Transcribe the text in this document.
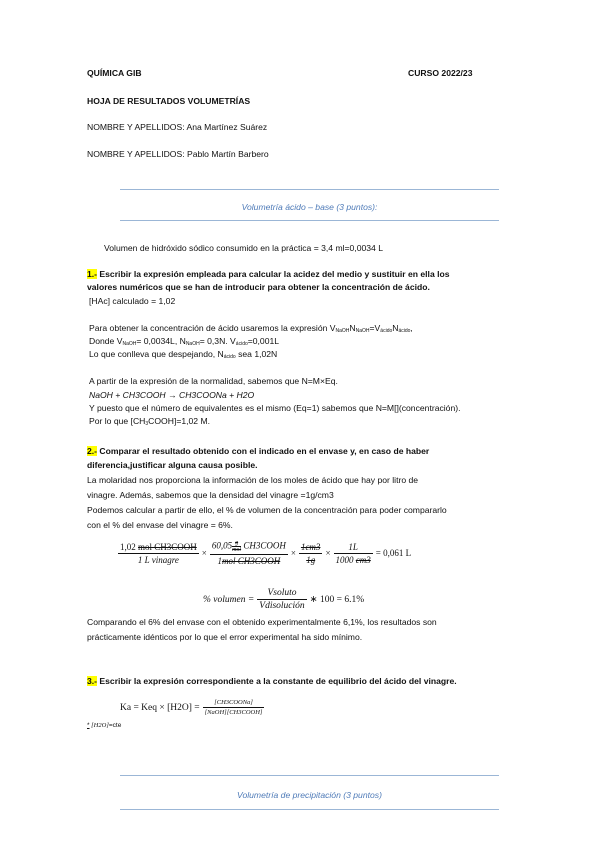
QUÍMICA GIB	CURSO 2022/23
HOJA DE RESULTADOS VOLUMETRÍAS
NOMBRE Y APELLIDOS: Ana Martínez Suárez
NOMBRE Y APELLIDOS: Pablo Martín Barbero
Volumetría ácido – base (3 puntos):
Volumen de hidróxido sódico consumido en la práctica = 3,4 ml=0,0034 L
1.- Escribir la expresión empleada para calcular la acidez del medio y sustituir en ella los
valores numéricos que se han de introducir para obtener la concentración de ácido.
[HAc] calculado = 1,02
Para obtener la concentración de ácido usaremos la expresión $V_{NaOH}N_{NaOH}=V_{ácido}N_{ácido}$,
Donde $V_{NaOH}= 0,0034L$, $N_{NaOH}= 0,3N$. $V_{ácido}=0,001L$
Lo que conlleva que despejando, $N_{ácido}$ sea 1,02N
A partir de la expresión de la normalidad, sabemos que N=M×Eq.
NaOH + CH3COOH → CH3COONa + H2O
Y puesto que el número de equivalentes es el mismo (Eq=1) sabemos que N=M[](concentración).
Por lo que $[CH_3COOH]=1,02$ M.
2.- Comparar el resultado obtenido con el indicado en el envase y, en caso de haber
diferencia,justificar alguna causa posible.
La molaridad nos proporciona la información de los moles de ácido que hay por litro de
vinagre. Además, sabemos que la densidad del vinagre =1g/cm3
Podemos calcular a partir de ello, el % de volumen de la concentración para poder compararlo
con el % del envase del vinagre = 6%.
$\frac{\text{1,02 mol CH3COOH}}{\text{1 L vinagre}} \times \frac{60,05 \frac{g}{\text{mol}} CH3COOH}{\text{1mol CH3COOH}} \times \frac{1cm3}{1g} \times \frac{1L}{1000 cm3} = 0,061$ L
% volumen = $\frac{\text{Vsoluto}}{\text{Vdisolución}}$ ∗ 100 = 6.1%
Comparando el 6% del envase con el obtenido experimentalmente 6,1%, los resultados son
prácticamente idénticos por lo que el error experimental ha sido mínimo.
3.- Escribir la expresión correspondiente a la constante de equilibrio del ácido del vinagre.
Ka = Keq × $[H2O] = \frac{\text{[CH3COONa]}}{\text{[NaOH][CH3COOH]}}$
* [H2O]=cte
Volumetría de precipitación (3 puntos)
